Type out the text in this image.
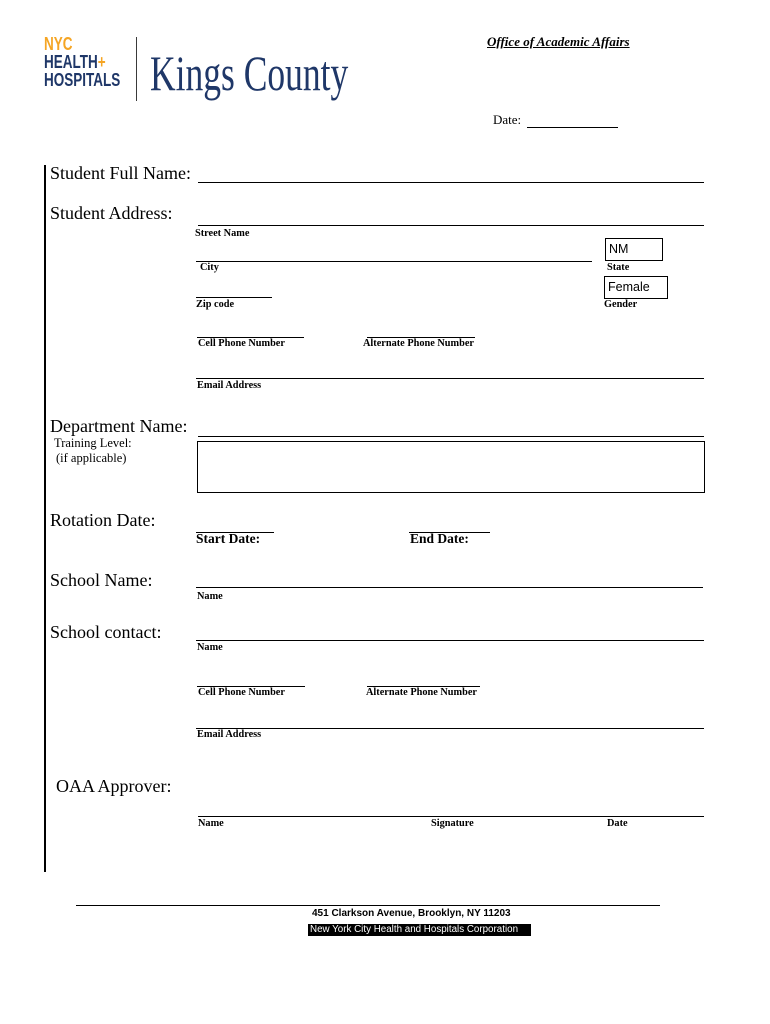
NYC
HEALTH+
HOSPITALS Kings County
Office of Academic Affairs
Date:
Student Full Name:
Student Address:
Street Name
City
NM
State
Female
Zip code	Gender
Cell Phone Number	Alternate Phone Number
Email Address
Department Name:
Training Level:
(if applicable)
Rotation Date:
Start Date:	End Date:
School Name:
Name
School contact:
Name
Cell Phone Number	Alternate Phone Number
Email Address
OAA Approver:
Name	Signature	Date
451 Clarkson Avenue, Brooklyn, NY 11203
New York City Health and Hospitals Corporation
